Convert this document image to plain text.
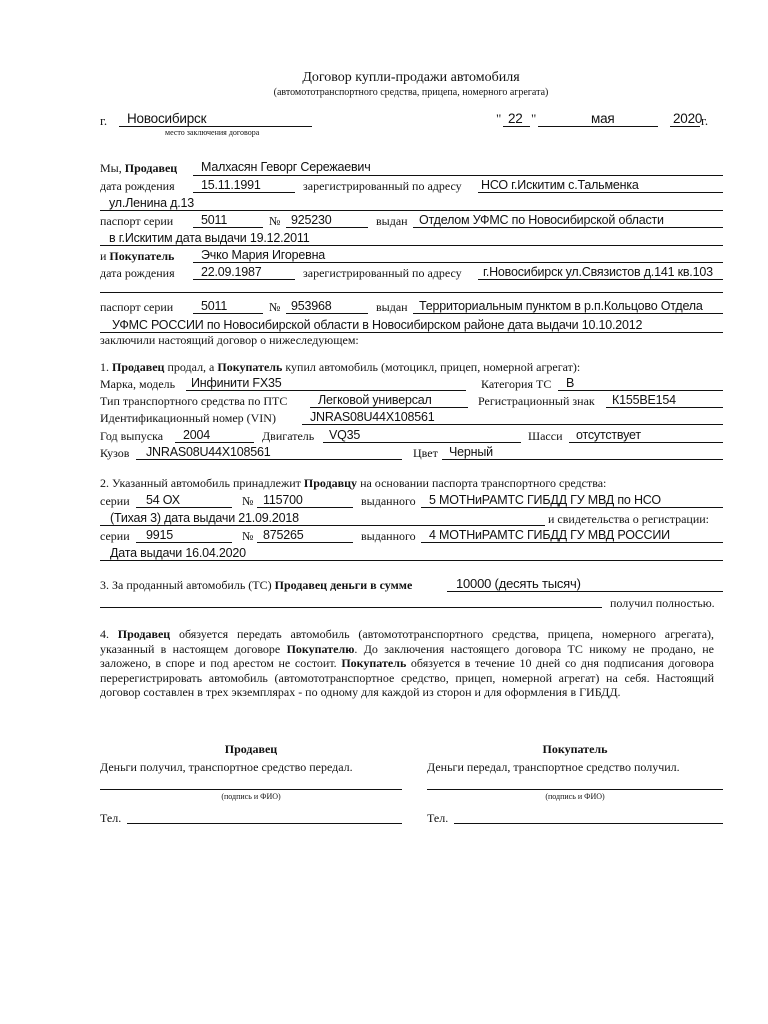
Договор купли-продажи автомобиля
(автомототранспортного средства, прицепа, номерного агрегата)
г. Новосибирск
место заключения договора
" 22 "	мая	2020
г.
Мы, Продавец Малхасян Геворг Сережаевич
дата рождения 15.11.1991	зарегистрированный по адресу НСО г.Искитим с.Тальменка
ул.Ленина д.13
паспорт серии 5011	№ 925230	выдан Отделом УФМС по Новосибирской области
в г.Искитим дата выдачи 19.12.2011
и Покупатель Эчко Мария Игоревна
дата рождения 22.09.1987	зарегистрированный по адресу г.Новосибирск ул.Связистов д.141 кв.103
паспорт серии 5011	№ 953968	выдан Территориальным пунктом в р.п.Кольцово Отдела
УФМС РОССИИ по Новосибирской области в Новосибирском районе дата выдачи 10.10.2012
заключили настоящий договор о нижеследующем:
1. Продавец продал, а Покупатель купил автомобиль (мотоцикл, прицеп, номерной агрегат):
Марка, модель Инфинити FX35	Категория ТС B
Тип транспортного средства по ПТС Легковой универсал	Регистрационный знак К155ВЕ154
Идентификационный номер (VIN)	JNRAS08U44X108561
Год выпуска 2004	Двигатель VQ35	Шасси отсутствует
Кузов JNRAS08U44X108561	Цвет Черный
2. Указанный автомобиль принадлежит Продавцу на основании паспорта транспортного средства:
серии 54 ОХ	№ 115700	выданного 5 МОТНиРАМТС ГИБДД ГУ МВД по НСО
(Тихая 3) дата выдачи 21.09.2018	и свидетельства о регистрации:
серии 9915	№ 875265	выданного 4 МОТНиРАМТС ГИБДД ГУ МВД РОССИИ
Дата выдачи 16.04.2020
3. За проданный автомобиль (ТС) Продавец деньги в сумме	10000 (десять тысяч)
получил полностью.
4. Продавец обязуется передать автомобиль (автомототранспортного средства, прицепа, номерного агрегата), указанный в настоящем договоре Покупателю. До заключения настоящего договора ТС никому не продано, не заложено, в споре и под арестом не состоит. Покупатель обязуется в течение 10 дней со дня подписания договора перерегистрировать автомобиль (автомототранспортное средство, прицеп, номерной агрегат) на себя. Настоящий договор составлен в трех экземплярах - по одному для каждой из сторон и для оформления в ГИБДД.
Продавец
Деньги получил, транспортное средство передал.
(подпись и ФИО)
Тел.
Покупатель
Деньги передал, транспортное средство получил.
(подпись и ФИО)
Тел.
